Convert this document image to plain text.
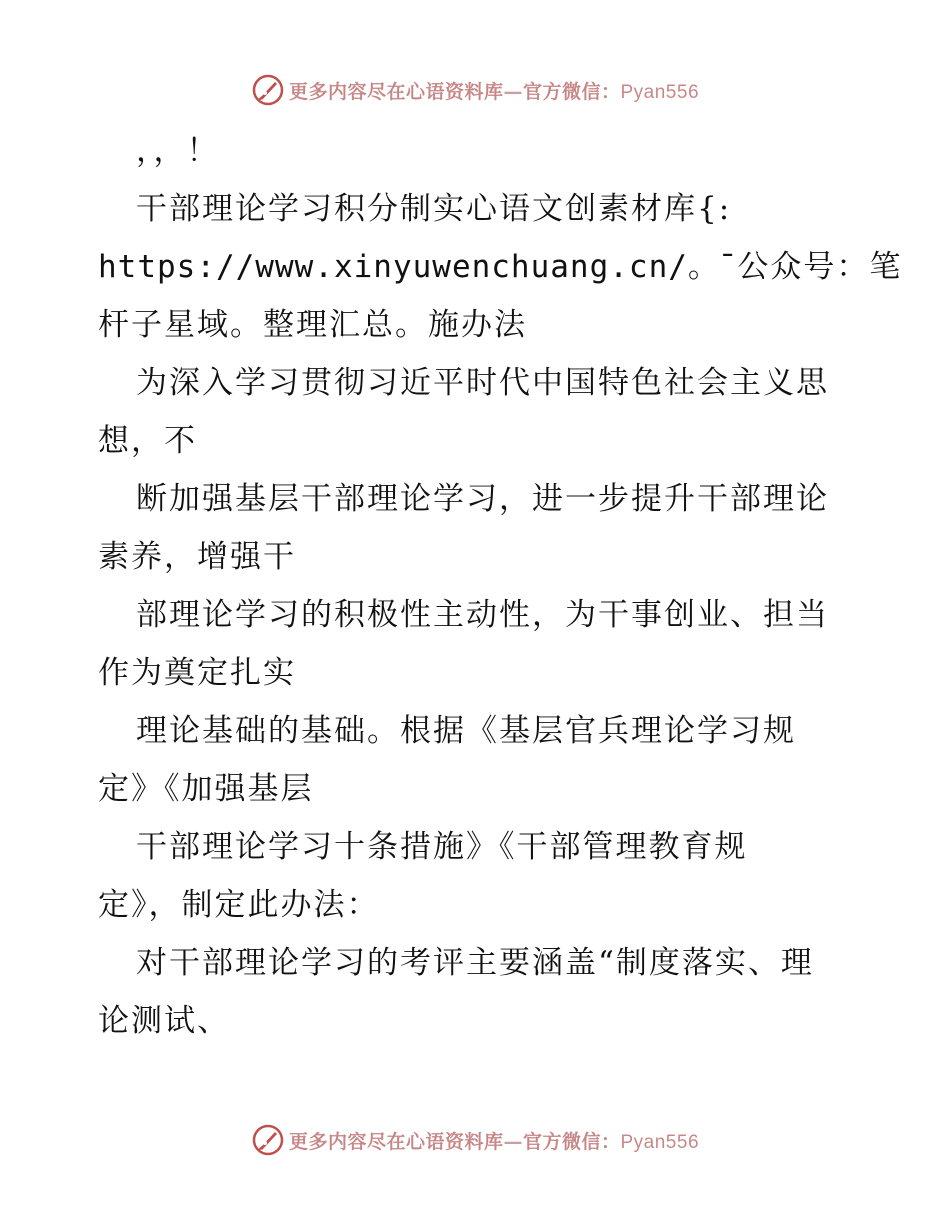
更多内容尽在心语资料库—官方微信：Pyan556
，，！
干部理论学习积分制实心语文创素材库{:
https://www.xinyuwenchuang.cn/。¯公众号：笔
杆子星域。整理汇总。施办法
为深入学习贯彻习近平时代中国特色社会主义思
想，不
断加强基层干部理论学习，进一步提升干部理论
素养，增强干
部理论学习的积极性主动性，为干事创业、担当
作为奠定扎实
理论基础的基础。根据《基层官兵理论学习规
定》《加强基层
干部理论学习十条措施》《干部管理教育规
定》，制定此办法：
对干部理论学习的考评主要涵盖“制度落实、理
论测试、
更多内容尽在心语资料库—官方微信：Pyan556
